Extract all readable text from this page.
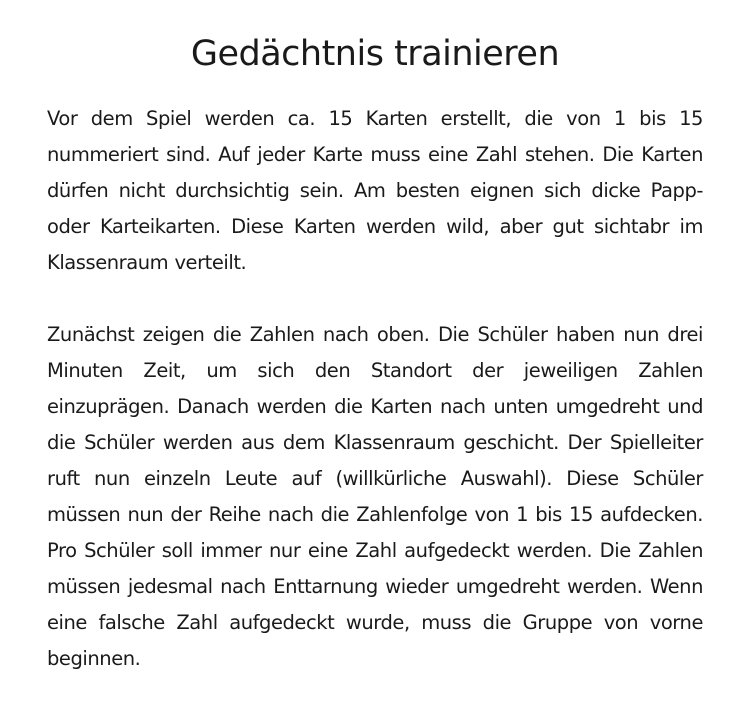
Gedächtnis trainieren

Vor dem Spiel werden ca. 15 Karten erstellt, die von 1 bis 15 nummeriert sind. Auf jeder Karte muss eine Zahl stehen. Die Karten dürfen nicht durchsichtig sein. Am besten eignen sich dicke Papp- oder Karteikarten. Diese Karten werden wild, aber gut sichtabr im Klassenraum verteilt.

Zunächst zeigen die Zahlen nach oben. Die Schüler haben nun drei Minuten Zeit, um sich den Standort der jeweiligen Zahlen einzuprägen. Danach werden die Karten nach unten umgedreht und die Schüler werden aus dem Klassenraum geschicht. Der Spielleiter ruft nun einzeln Leute auf (willkürliche Auswahl). Diese Schüler müssen nun der Reihe nach die Zahlenfolge von 1 bis 15 aufdecken. Pro Schüler soll immer nur eine Zahl aufgedeckt werden. Die Zahlen müssen jedesmal nach Enttarnung wieder umgedreht werden. Wenn eine falsche Zahl aufgedeckt wurde, muss die Gruppe von vorne beginnen.
